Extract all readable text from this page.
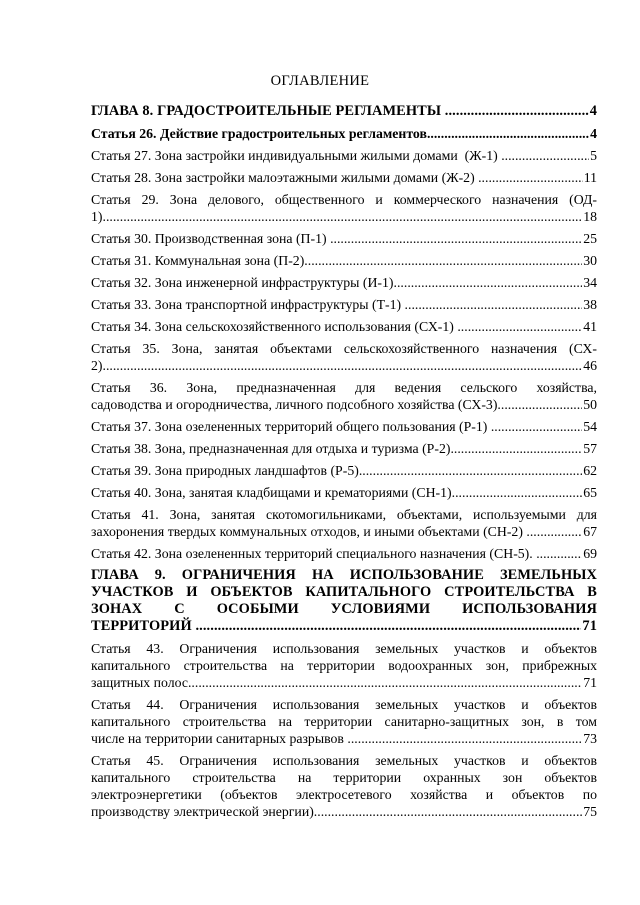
ОГЛАВЛЕНИЕ
ГЛАВА 8. ГРАДОСТРОИТЕЛЬНЫЕ РЕГЛАМЕНТЫ .....	4
Статья 26. Действие градостроительных регламентов .....	4
Статья 27. Зона застройки индивидуальными жилыми домами  (Ж-1) .....	5
Статья 28. Зона застройки малоэтажными жилыми домами (Ж-2) .....	11
Статья 29. Зона делового, общественного и коммерческого назначения (ОД-
1) .....	18
Статья 30. Производственная зона (П-1) .....	25
Статья 31. Коммунальная зона (П-2) .....	30
Статья 32. Зона инженерной инфраструктуры (И-1) .....	34
Статья 33. Зона транспортной инфраструктуры (Т-1) .....	38
Статья 34. Зона сельскохозяйственного использования (СХ-1) .....	41
Статья 35. Зона, занятая объектами сельскохозяйственного назначения (СХ-
2) .....	46
Статья 36. Зона, предназначенная для ведения сельского хозяйства,
садоводства и огородничества, личного подсобного хозяйства (СХ-3) .....	50
Статья 37. Зона озелененных территорий общего пользования (Р-1) .....	54
Статья 38. Зона, предназначенная для отдыха и туризма (Р-2) .....	57
Статья 39. Зона природных ландшафтов (Р-5) .....	62
Статья 40. Зона, занятая кладбищами и крематориями (СН-1) .....	65
Статья 41. Зона, занятая скотомогильниками, объектами, используемыми для
захоронения твердых коммунальных отходов, и иными объектами (СН-2) .....	67
Статья 42. Зона озелененных территорий специального назначения (СН-5). .....	69
ГЛАВА 9. ОГРАНИЧЕНИЯ НА ИСПОЛЬЗОВАНИЕ ЗЕМЕЛЬНЫХ
УЧАСТКОВ И ОБЪЕКТОВ КАПИТАЛЬНОГО СТРОИТЕЛЬСТВА В
ЗОНАХ С ОСОБЫМИ УСЛОВИЯМИ ИСПОЛЬЗОВАНИЯ
ТЕРРИТОРИЙ .....	71
Статья 43. Ограничения использования земельных участков и объектов
капитального строительства на территории водоохранных зон, прибрежных
защитных полос .....	71
Статья 44. Ограничения использования земельных участков и объектов
капитального строительства на территории санитарно-защитных зон, в том
числе на территории санитарных разрывов .....	73
Статья 45. Ограничения использования земельных участков и объектов
капитального строительства на территории охранных зон объектов
электроэнергетики (объектов электросетевого хозяйства и объектов по
производству электрической энергии) .....	75
